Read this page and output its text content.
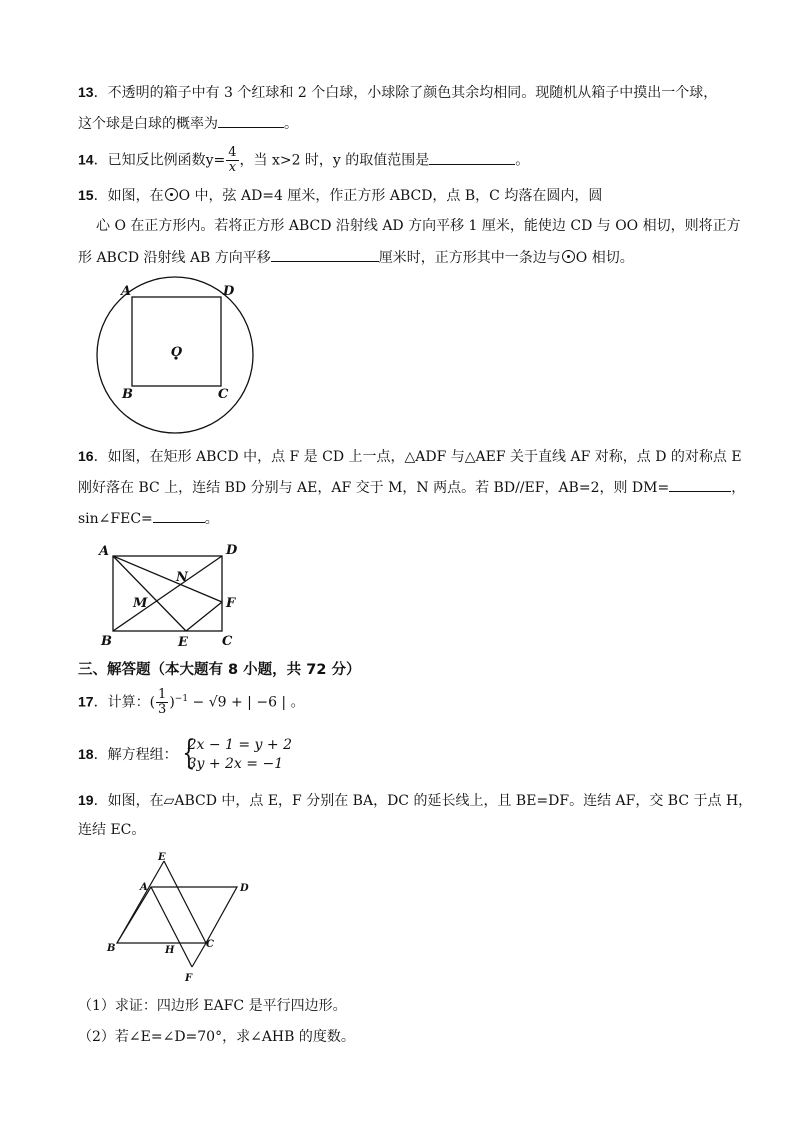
13．不透明的箱子中有 3 个红球和 2 个白球，小球除了颜色其余均相同。现随机从箱子中摸出一个球，
这个球是白球的概率为	。
14．已知反比例函数$y= \frac{4}{x}$ ，当 x>2 时，y 的取值范围是	。
15．如图，在 O 中，弦 AD=4 厘米，作正方形 ABCD，点 B，C 均落在圆内，圆
心 O 在正方形内。若将正方形 ABCD 沿射线 AD 方向平移 1 厘米，能使边 CD 与 OO 相切，则将正方
形 ABCD 沿射线 AB 方向平移	厘米时，正方形其中一条边与 O 相切。
A	D
O
B	C
16．如图，在矩形 ABCD 中，点 F 是 CD 上一点，△ADF 与△AEF 关于直线 AF 对称，点 D 的对称点 E
刚好落在 BC 上，连结 BD 分别与 AE，AF 交于 M，N 两点。若 BD//EF，AB=2，则 DM=	，
sin∠FEC=	。
A	D
N
M	F
B	E	C
三、解答题（本大题有 8 小题，共 72 分）
17．计算：( $\frac{1}{3} )^{-1} - √9$ + | −6 | 。
18．解方程组： {
2x − 1 = y + 2
3y + 2x = −1
19．如图，在▱ABCD 中，点 E，F 分别在 BA，DC 的延长线上，且 BE=DF。连结 AF，交 BC 于点 H，
连结 EC。
E
A	D
B	H
C
F
（1）求证：四边形 EAFC 是平行四边形。
（2）若∠E=∠D=70°，求∠AHB 的度数。
